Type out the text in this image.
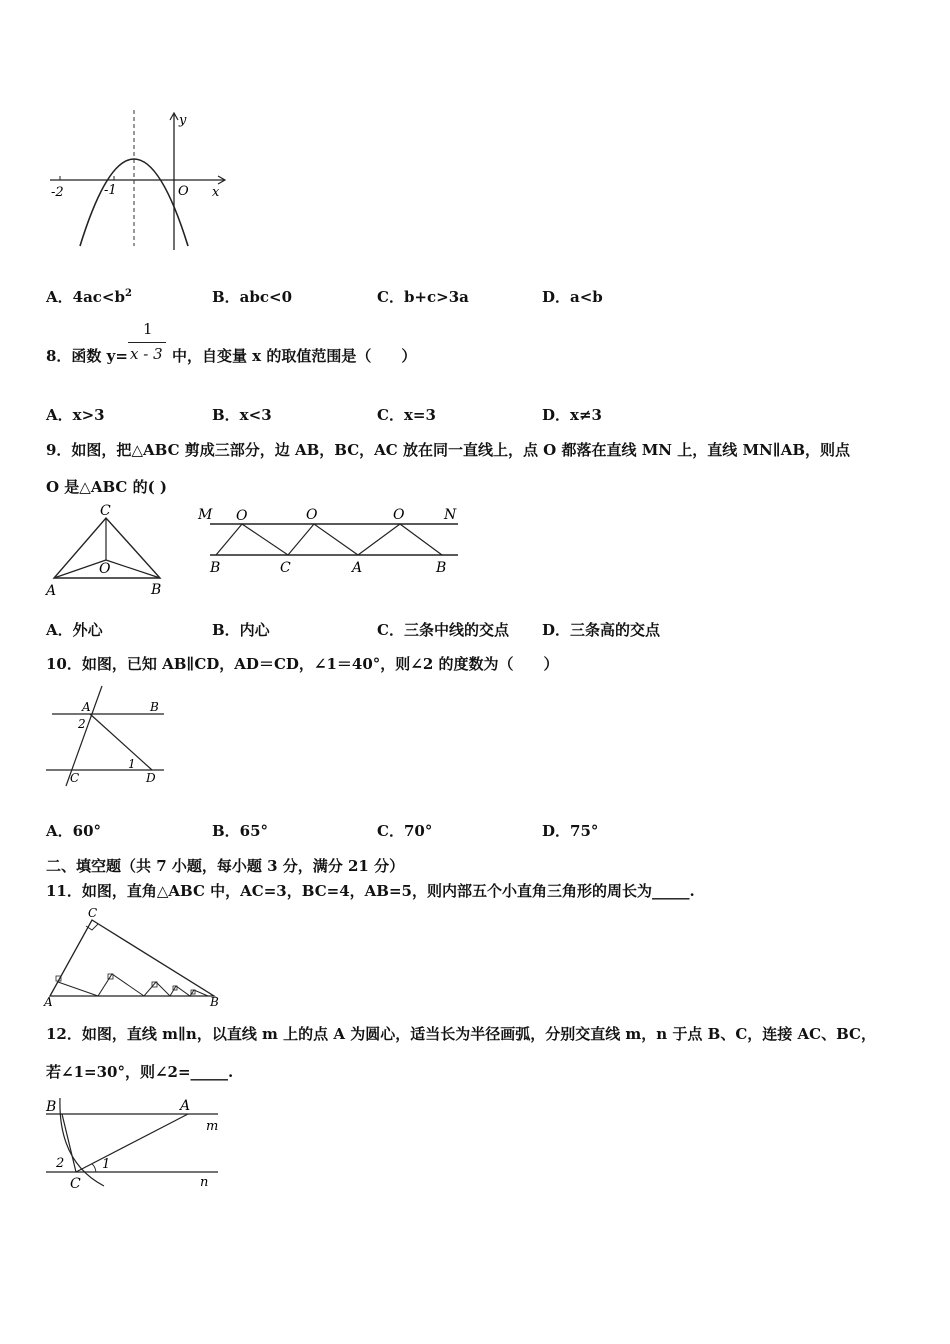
-2	-1	O x
y
A．$4ac<b^2$	B．abc<0	C．b+c>3a	D．a<b
8．函数 y=	中，自变量 x 的取值范围是（　　）
1
x - 3
A．x>3	B．x<3	C．x=3	D．x≠3
9．如图，把△ABC 剪成三部分，边 AB，BC，AC 放在同一直线上，点 O 都落在直线 MN 上，直线 MN∥AB，则点
O 是△ABC 的( )
C
O
A	B
M O	O	O	N
B	C	A	B
A．外心	B．内心	C．三条中线的交点 D．三条高的交点
10．如图，已知 AB∥CD，AD＝CD，∠1＝40°，则∠2 的度数为（　　）
A	B
2
1
C	D
A．60°	B．65°	C．70°	D．75°
二、填空题（共 7 小题，每小题 3 分，满分 21 分）
11．如图，直角△ABC 中，AC=3，BC=4，AB=5，则内部五个小直角三角形的周长为_____.
C
A	B
12．如图，直线 m∥n，以直线 m 上的点 A 为圆心，适当长为半径画弧，分别交直线 m，n 于点 B、C，连接 AC、BC，
若∠1=30°，则∠2=_____.
B	A
m
2	1
C	n
